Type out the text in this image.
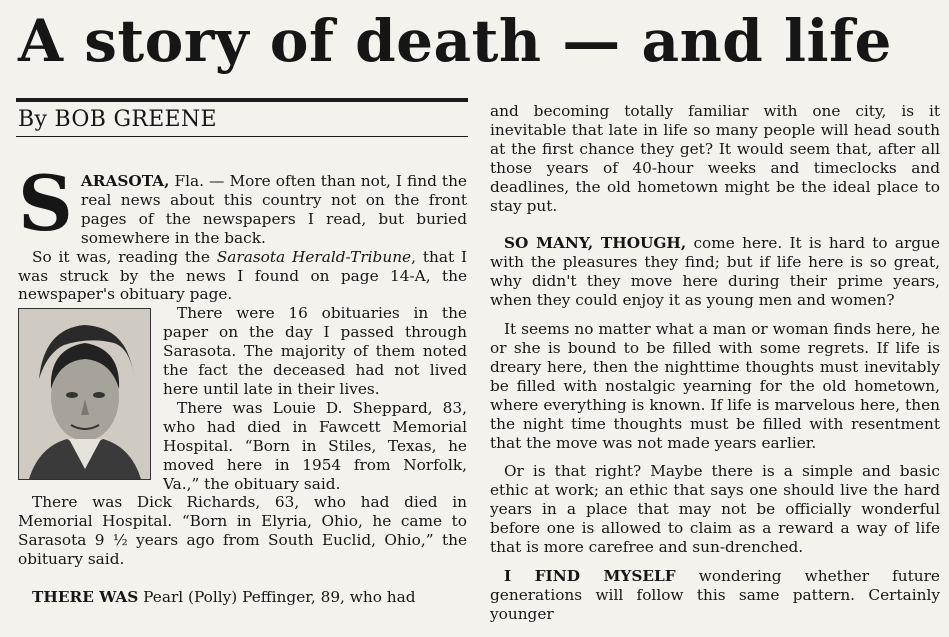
A story of death — and life
By BOB GREENE

SARASOTA, Fla. — More often than not, I find the real news about this country not on the front pages of the newspapers I read, but buried somewhere in the back.

So it was, reading the Sarasota Herald-Tribune, that I was struck by the news I found on page 14-A, the newspaper's obituary page.

There were 16 obituaries in the paper on the day I passed through Sarasota. The majority of them noted the fact the deceased had not lived here until late in their lives.

There was Louie D. Sheppard, 83, who had died in Fawcett Memorial Hospital. “Born in Stiles, Texas, he moved here in 1954 from Norfolk, Va.,” the obituary said.

There was Dick Richards, 63, who had died in Memorial Hospital. “Born in Elyria, Ohio, he came to Sarasota 9 ½ years ago from South Euclid, Ohio,” the obituary said.

THERE WAS Pearl (Polly) Peffinger, 89, who had

and becoming totally familiar with one city, is it inevitable that late in life so many people will head south at the first chance they get? It would seem that, after all those years of 40-hour weeks and timeclocks and deadlines, the old hometown might be the ideal place to stay put.

SO MANY, THOUGH, come here. It is hard to argue with the pleasures they find; but if life here is so great, why didn't they move here during their prime years, when they could enjoy it as young men and women?

It seems no matter what a man or woman finds here, he or she is bound to be filled with some regrets. If life is dreary here, then the nighttime thoughts must inevitably be filled with nostalgic yearning for the old hometown, where everything is known. If life is marvelous here, then the night time thoughts must be filled with resentment that the move was not made years earlier.

Or is that right? Maybe there is a simple and basic ethic at work; an ethic that says one should live the hard years in a place that may not be officially wonderful before one is allowed to claim as a reward a way of life that is more carefree and sun-drenched.

I FIND MYSELF wondering whether future generations will follow this same pattern. Certainly younger
